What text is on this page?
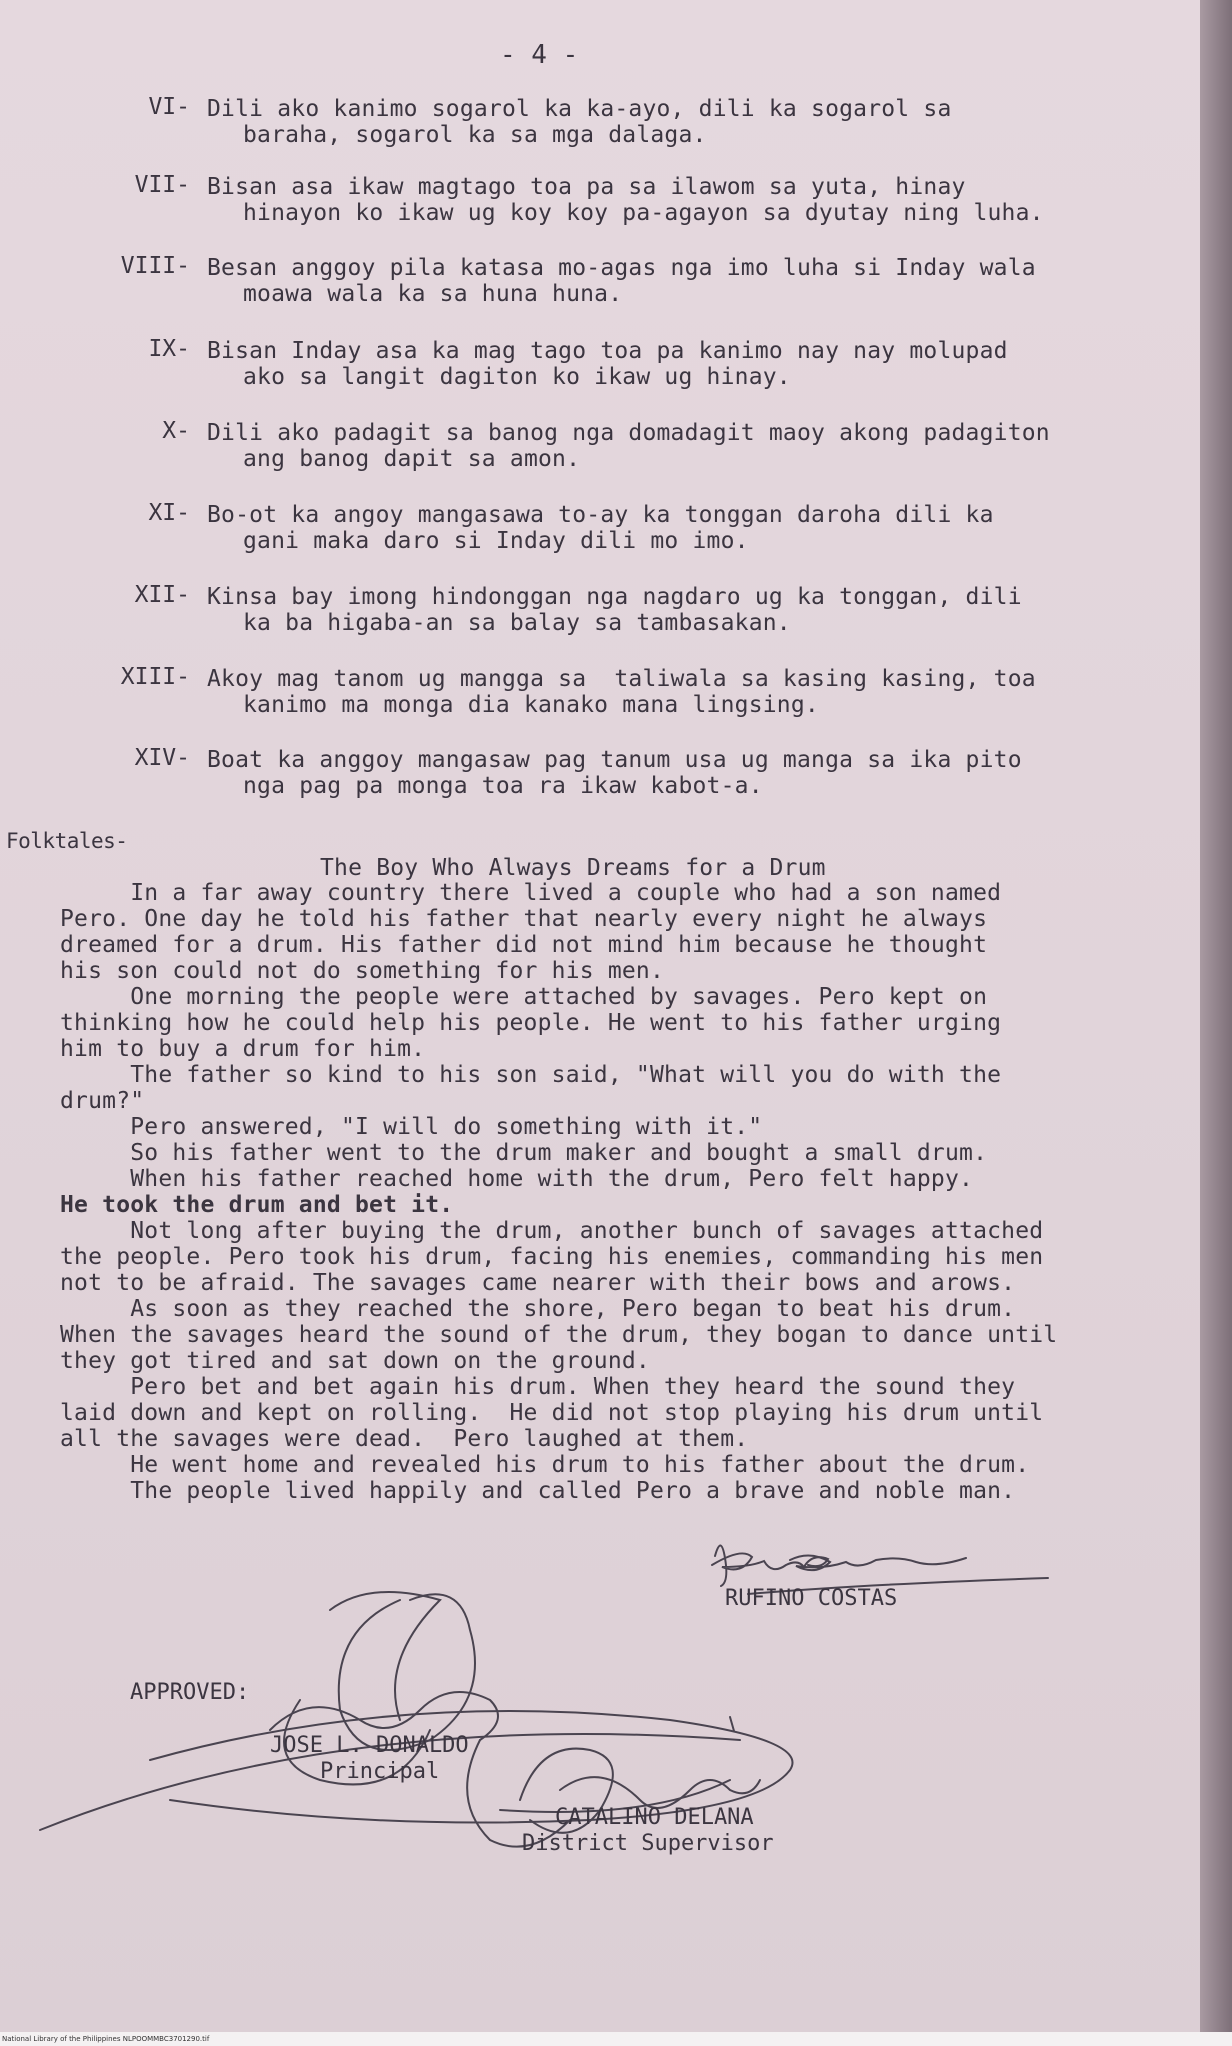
- 4 -
VI- Dili ako kanimo sogarol ka ka-ayo, dili ka sogarol sa
baraha, sogarol ka sa mga dalaga.
VII- Bisan asa ikaw magtago toa pa sa ilawom sa yuta, hinay
hinayon ko ikaw ug koy koy pa-agayon sa dyutay ning luha.
VIII- Besan anggoy pila katasa mo-agas nga imo luha si Inday wala
moawa wala ka sa huna huna.
IX- Bisan Inday asa ka mag tago toa pa kanimo nay nay molupad
ako sa langit dagiton ko ikaw ug hinay.
X- Dili ako padagit sa banog nga domadagit maoy akong padagiton
ang banog dapit sa amon.
XI- Bo-ot ka angoy mangasawa to-ay ka tonggan daroha dili ka
gani maka daro si Inday dili mo imo.
XII- Kinsa bay imong hindonggan nga nagdaro ug ka tonggan, dili
ka ba higaba-an sa balay sa tambasakan.
XIII- Akoy mag tanom ug mangga sa  taliwala sa kasing kasing, toa
kanimo ma monga dia kanako mana lingsing.
XIV- Boat ka anggoy mangasaw pag tanum usa ug manga sa ika pito
nga pag pa monga toa ra ikaw kabot-a.
Folktales-
The Boy Who Always Dreams for a Drum
In a far away country there lived a couple who had a son named
Pero. One day he told his father that nearly every night he always
dreamed for a drum. His father did not mind him because he thought
his son could not do something for his men.
One morning the people were attached by savages. Pero kept on
thinking how he could help his people. He went to his father urging
him to buy a drum for him.
The father so kind to his son said, "What will you do with the
drum?"
Pero answered, "I will do something with it."
So his father went to the drum maker and bought a small drum.
When his father reached home with the drum, Pero felt happy.
He took the drum and bet it.
Not long after buying the drum, another bunch of savages attached
the people. Pero took his drum, facing his enemies, commanding his men
not to be afraid. The savages came nearer with their bows and arows.
As soon as they reached the shore, Pero began to beat his drum.
When the savages heard the sound of the drum, they bogan to dance until
they got tired and sat down on the ground.
Pero bet and bet again his drum. When they heard the sound they
laid down and kept on rolling.  He did not stop playing his drum until
all the savages were dead.  Pero laughed at them.
He went home and revealed his drum to his father about the drum.
The people lived happily and called Pero a brave and noble man.
RUFINO COSTAS
APPROVED:
JOSE L. DONALDO
Principal
CATALINO DELANA
District Supervisor
National Library of the Philippines NLPOOMMBC3701290.tif
